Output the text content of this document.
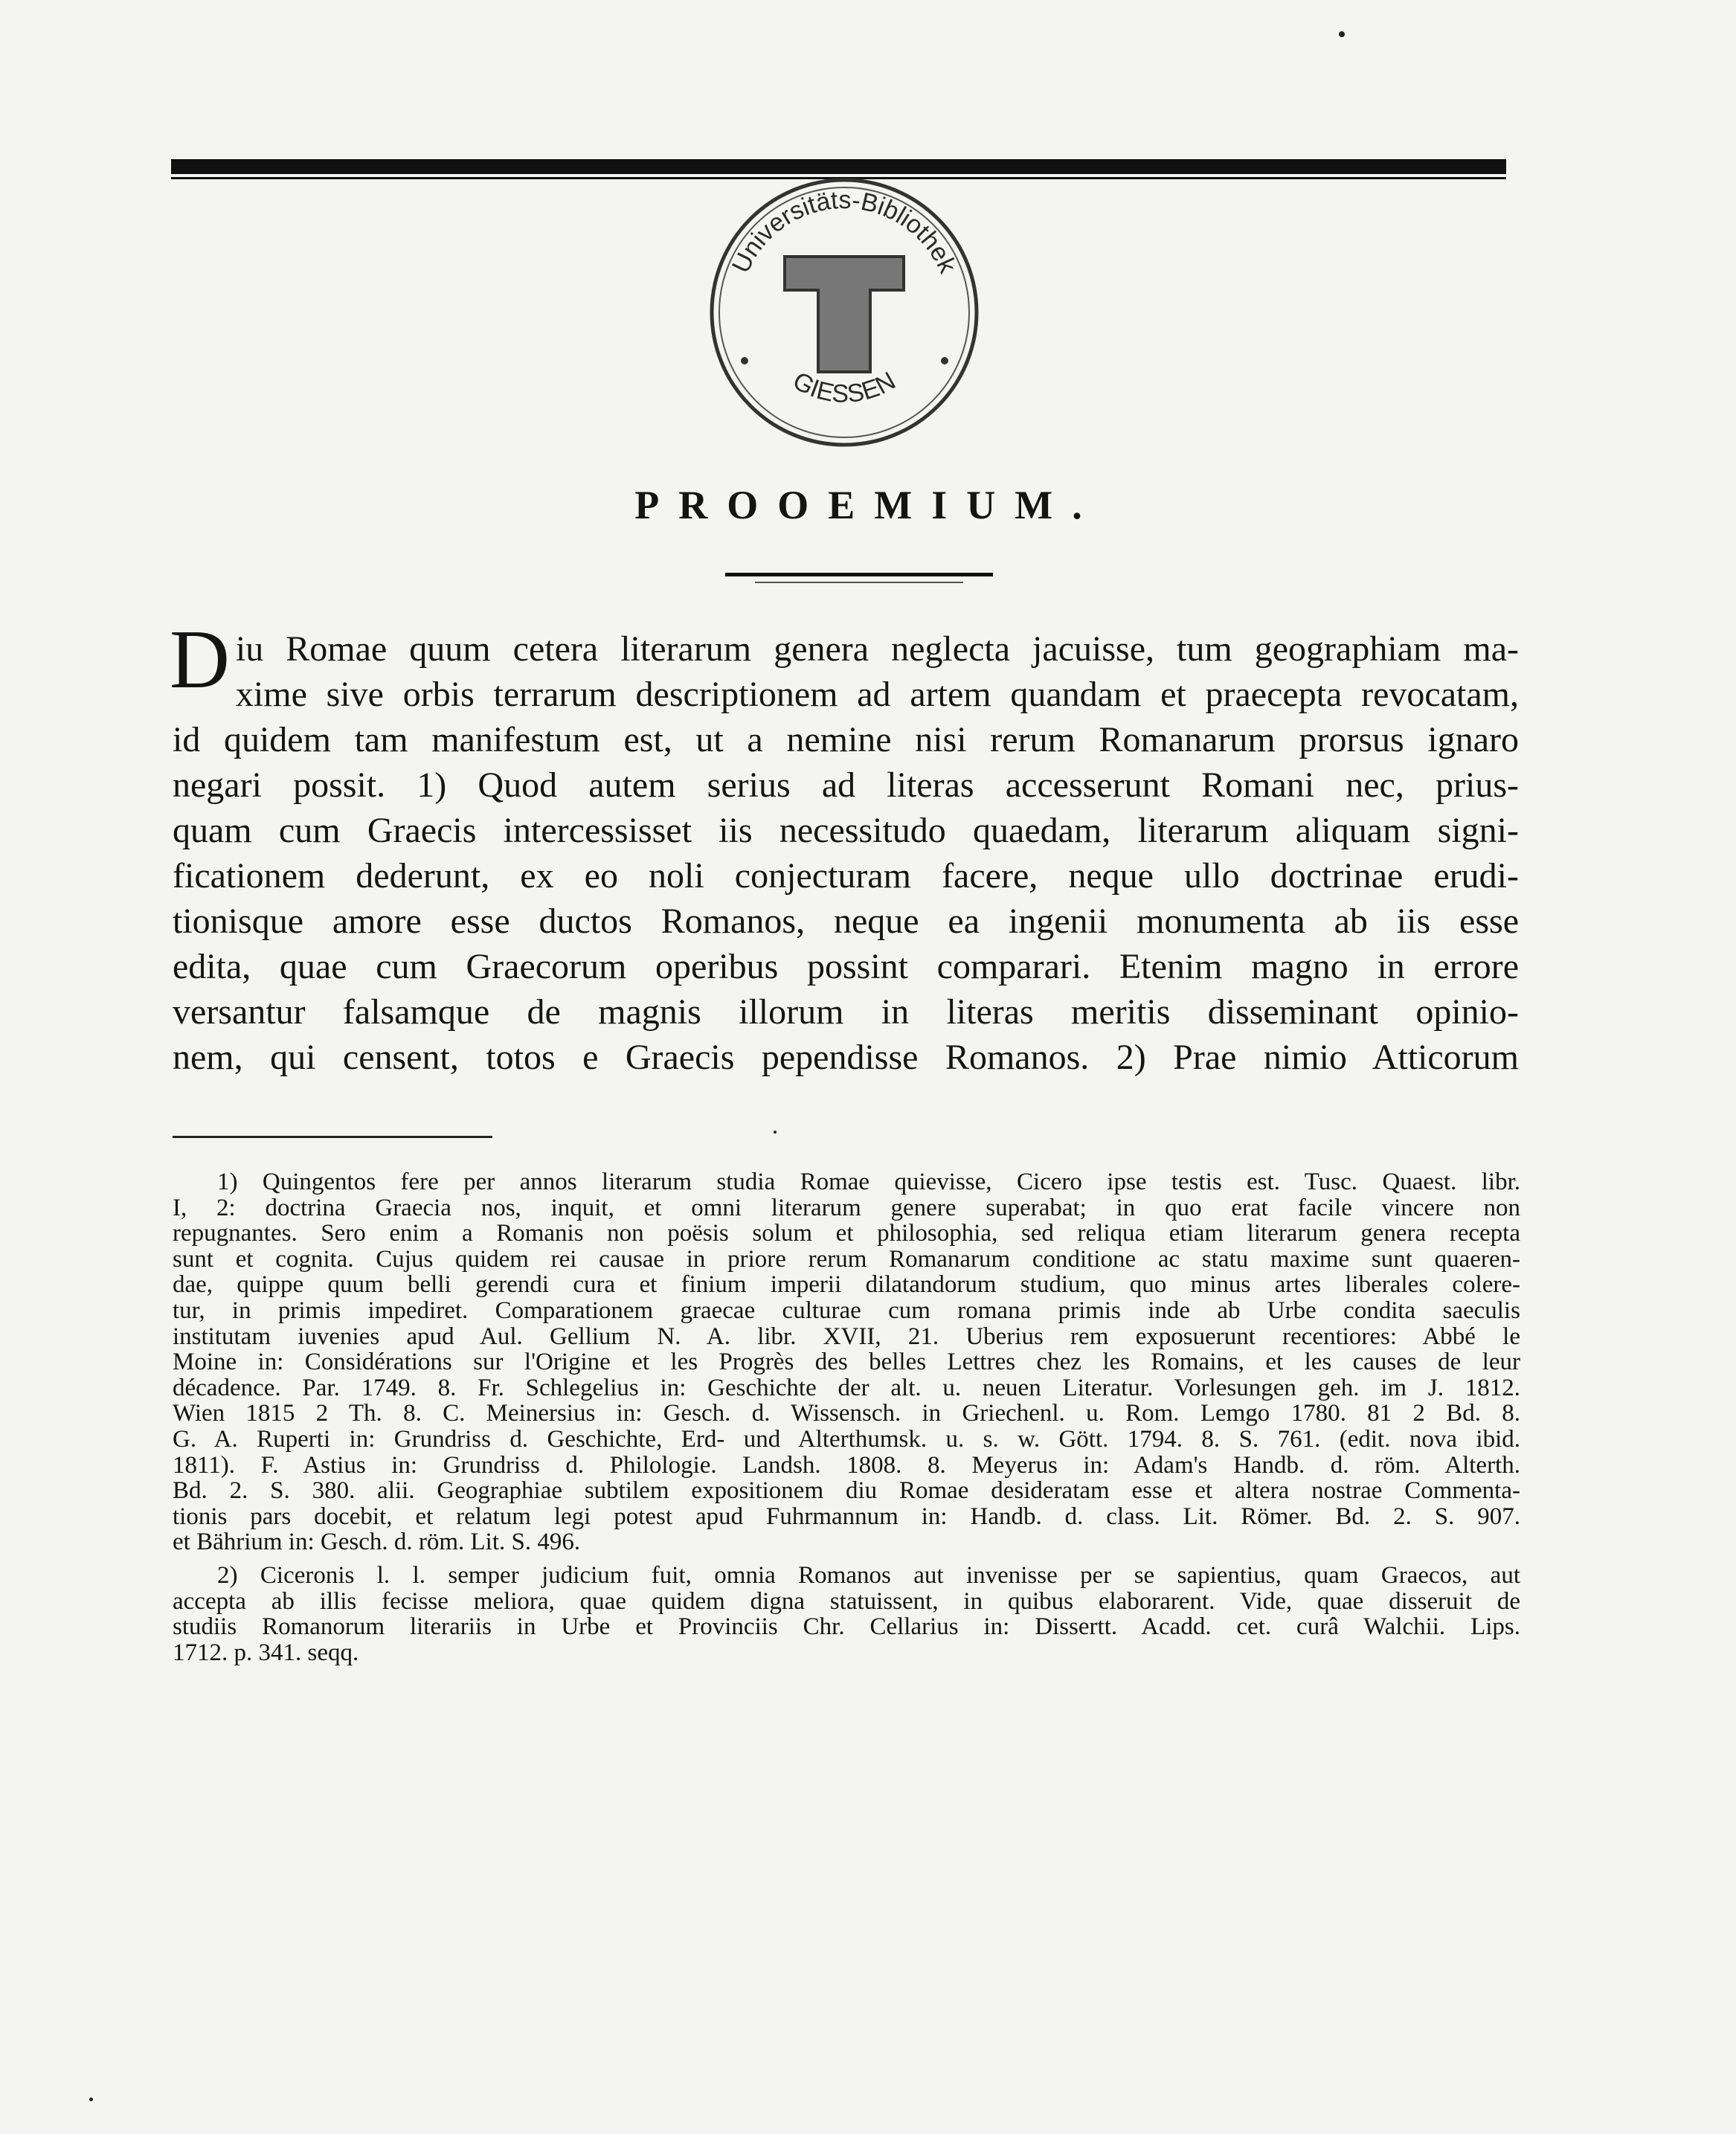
Universitäts-Bibliothek
GIESSEN
PROOEMIUM.
D iu Romae quum cetera literarum genera neglecta jacuisse, tum geographiam ma-
xime sive orbis terrarum descriptionem ad artem quandam et praecepta revocatam,
id quidem tam manifestum est, ut a nemine nisi rerum Romanarum prorsus ignaro
negari possit. 1) Quod autem serius ad literas accesserunt Romani nec, prius-
quam cum Graecis intercessisset iis necessitudo quaedam, literarum aliquam signi-
ficationem dederunt, ex eo noli conjecturam facere, neque ullo doctrinae erudi-
tionisque amore esse ductos Romanos, neque ea ingenii monumenta ab iis esse
edita, quae cum Graecorum operibus possint comparari. Etenim magno in errore
versantur falsamque de magnis illorum in literas meritis disseminant opinio-
nem, qui censent, totos e Graecis pependisse Romanos. 2) Prae nimio Atticorum
1) Quingentos fere per annos literarum studia Romae quievisse, Cicero ipse testis est. Tusc. Quaest. libr.
I, 2: doctrina Graecia nos, inquit, et omni literarum genere superabat; in quo erat facile vincere non
repugnantes. Sero enim a Romanis non poësis solum et philosophia, sed reliqua etiam literarum genera recepta
sunt et cognita. Cujus quidem rei causae in priore rerum Romanarum conditione ac statu maxime sunt quaeren-
dae, quippe quum belli gerendi cura et finium imperii dilatandorum studium, quo minus artes liberales colere-
tur, in primis impediret. Comparationem graecae culturae cum romana primis inde ab Urbe condita saeculis
institutam iuvenies apud Aul. Gellium N. A. libr. XVII, 21. Uberius rem exposuerunt recentiores: Abbé le
Moine in: Considérations sur l'Origine et les Progrès des belles Lettres chez les Romains, et les causes de leur
décadence. Par. 1749. 8. Fr. Schlegelius in: Geschichte der alt. u. neuen Literatur. Vorlesungen geh. im J. 1812.
Wien 1815 2 Th. 8. C. Meinersius in: Gesch. d. Wissensch. in Griechenl. u. Rom. Lemgo 1780. 81 2 Bd. 8.
G. A. Ruperti in: Grundriss d. Geschichte, Erd- und Alterthumsk. u. s. w. Gött. 1794. 8. S. 761. (edit. nova ibid.
1811). F. Astius in: Grundriss d. Philologie. Landsh. 1808. 8. Meyerus in: Adam's Handb. d. röm. Alterth.
Bd. 2. S. 380. alii. Geographiae subtilem expositionem diu Romae desideratam esse et altera nostrae Commenta-
tionis pars docebit, et relatum legi potest apud Fuhrmannum in: Handb. d. class. Lit. Römer. Bd. 2. S. 907.
et Bährium in: Gesch. d. röm. Lit. S. 496.
2) Ciceronis l. l. semper judicium fuit, omnia Romanos aut invenisse per se sapientius, quam Graecos, aut
accepta ab illis fecisse meliora, quae quidem digna statuissent, in quibus elaborarent. Vide, quae disseruit de
studiis Romanorum literariis in Urbe et Provinciis Chr. Cellarius in: Dissertt. Acadd. cet. curâ Walchii. Lips.
1712. p. 341. seqq.
